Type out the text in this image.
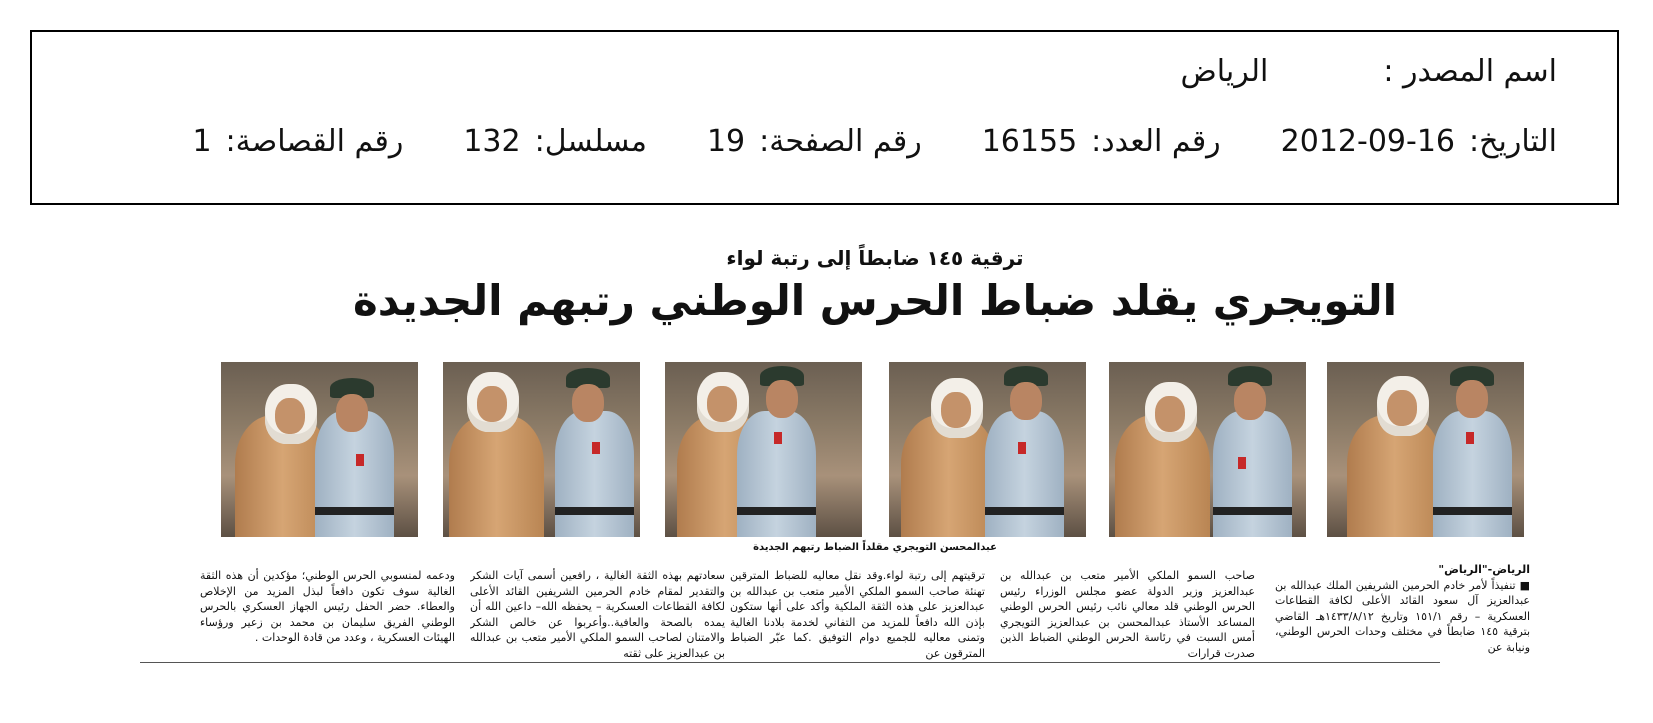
اسم المصدر :
الرياض
التاريخ:
2012-09-16
رقم العدد:
16155
رقم الصفحة:
19
مسلسل:
132
رقم القصاصة:
1
ترقية ١٤٥ ضابطاً إلى رتبة لواء
التويجري يقلد ضباط الحرس الوطني رتبهم الجديدة
عبدالمحسن التويجري مقلداً الضباط رتبهم الجديدة
الرياض-"الرياض"
■ تنفيذاً لأمر خادم الحرمين الشريفين الملك عبدالله بن عبدالعزيز آل سعود القائد الأعلى لكافة القطاعات العسكرية – رقم ١٥١/١ وتاريخ ١٤٣٣/٨/١٢هـ القاضي بترقية ١٤٥ ضابطاً في مختلف وحدات الحرس الوطني، ونيابة عن
صاحب السمو الملكي الأمير متعب بن عبدالله بن عبدالعزيز وزير الدولة عضو مجلس الوزراء رئيس الحرس الوطني قلد معالي نائب رئيس الحرس الوطني المساعد الأستاذ عبدالمحسن بن عبدالعزيز التويجري أمس السبت في رئاسة الحرس الوطني الضباط الذين صدرت قرارات
ترقيتهم إلى رتبة لواء.وقد نقل معاليه للضباط المترقين تهنئة صاحب السمو الملكي الأمير متعب بن عبدالله بن عبدالعزيز على هذه الثقة الملكية وأكد على أنها ستكون بإذن الله دافعاً للمزيد من التفاني لخدمة بلادنا الغالية وتمنى معاليه للجميع دوام التوفيق .كما عبّر الضباط المترقون عن
سعادتهم بهذه الثقة الغالية ، رافعين أسمى آيات الشكر والتقدير لمقام خادم الحرمين الشريفين القائد الأعلى لكافة القطاعات العسكرية – يحفظه الله– داعين الله أن يمده بالصحة والعافية..وأعربوا عن خالص الشكر والامتنان لصاحب السمو الملكي الأمير متعب بن عبدالله بن عبدالعزيز على ثقته
ودعمه لمنسوبي الحرس الوطني؛ مؤكدين أن هذه الثقة الغالية سوف تكون دافعاً لبذل المزيد من الإخلاص والعطاء. حضر الحفل رئيس الجهاز العسكري بالحرس الوطني الفريق سليمان بن محمد بن زعير ورؤساء الهيئات العسكرية ، وعدد من قادة الوحدات .
